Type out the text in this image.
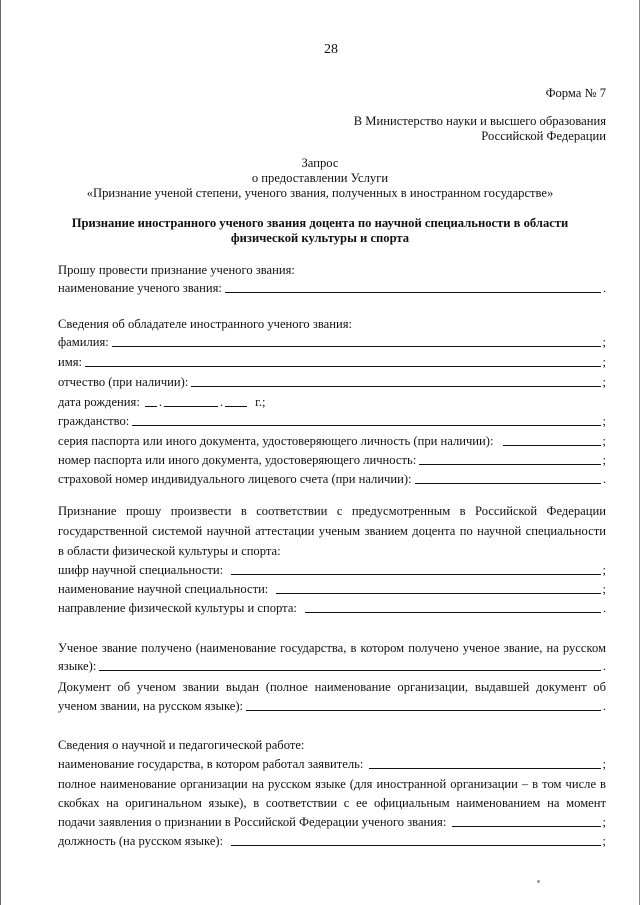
28
Форма № 7
В Министерство науки и высшего образования
Российской Федерации
Запрос
о предоставлении Услуги
«Признание ученой степени, ученого звания, полученных в иностранном государстве»
Признание иностранного ученого звания доцента по научной специальности в области
физической культуры и спорта
Прошу провести признание ученого звания:
наименование ученого звания:	.
Сведения об обладателе иностранного ученого звания:
фамилия:	;
имя:	;
отчество (при наличии):	;
дата рождения: .	.	г.;
гражданство:	;
серия паспорта или иного документа, удостоверяющего личность (при наличии):	;
номер паспорта или иного документа, удостоверяющего личность:	;
страховой номер индивидуального лицевого счета (при наличии):	.
Признание прошу произвести в соответствии с предусмотренным в Российской Федерации
государственной системой научной аттестации ученым званием доцента по научной специальности
в области физической культуры и спорта:
шифр научной специальности:	;
наименование научной специальности:	;
направление физической культуры и спорта:	.
Ученое звание получено (наименование государства, в котором получено ученое звание, на русском
языке):	.
Документ об ученом звании выдан (полное наименование организации, выдавшей документ об
ученом звании, на русском языке):	.
Сведения о научной и педагогической работе:
наименование государства, в котором работал заявитель:	;
полное наименование организации на русском языке (для иностранной организации – в том числе в
скобках на оригинальном языке), в соответствии с ее официальным наименованием на момент
подачи заявления о признании в Российской Федерации ученого звания:	;
должность (на русском языке):	;
